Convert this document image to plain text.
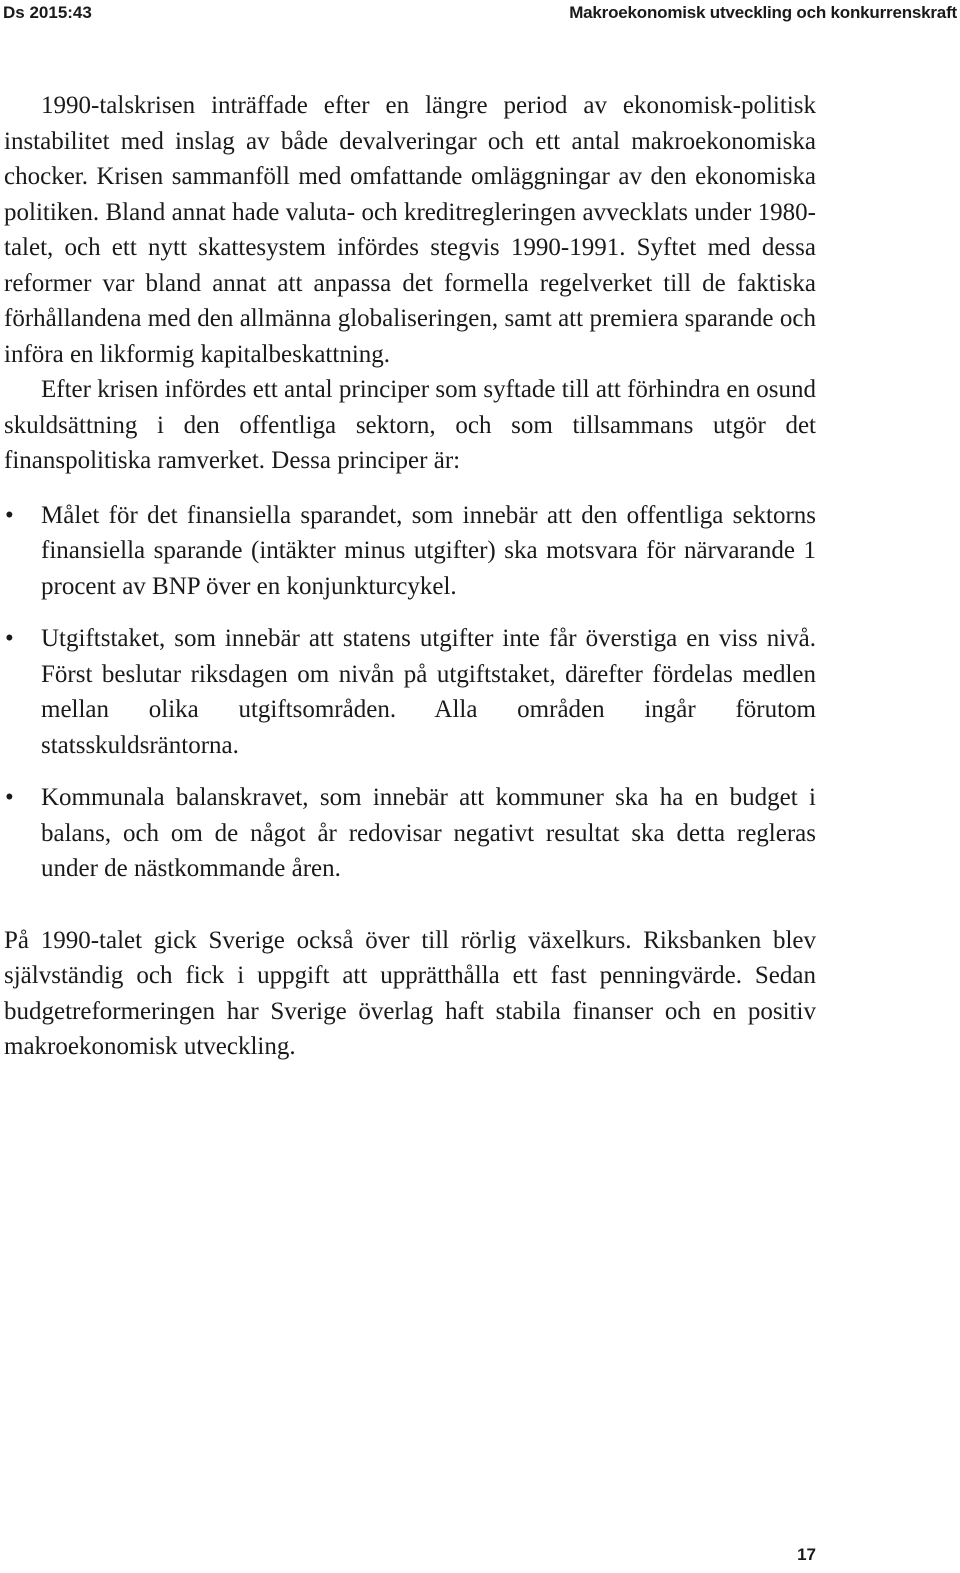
Ds 2015:43	Makroekonomisk utveckling och konkurrenskraft

1990-talskrisen inträffade efter en längre period av ekonomisk-politisk instabilitet med inslag av både devalveringar och ett antal makroekonomiska chocker. Krisen sammanföll med omfattande omläggningar av den ekonomiska politiken. Bland annat hade valuta- och kreditregleringen avvecklats under 1980-talet, och ett nytt skattesystem infördes stegvis 1990-1991. Syftet med dessa reformer var bland annat att anpassa det formella regelverket till de faktiska förhållandena med den allmänna globaliseringen, samt att premiera sparande och införa en likformig kapitalbeskattning.

Efter krisen infördes ett antal principer som syftade till att förhindra en osund skuldsättning i den offentliga sektorn, och som tillsammans utgör det finanspolitiska ramverket. Dessa principer är:

• Målet för det finansiella sparandet, som innebär att den offentliga sektorns finansiella sparande (intäkter minus utgifter) ska motsvara för närvarande 1 procent av BNP över en konjunkturcykel.
• Utgiftstaket, som innebär att statens utgifter inte får överstiga en viss nivå. Först beslutar riksdagen om nivån på utgiftstaket, därefter fördelas medlen mellan olika utgiftsområden. Alla områden ingår förutom statsskuldsräntorna.
• Kommunala balanskravet, som innebär att kommuner ska ha en budget i balans, och om de något år redovisar negativt resultat ska detta regleras under de nästkommande åren.

På 1990-talet gick Sverige också över till rörlig växelkurs. Riksbanken blev självständig och fick i uppgift att upprätthålla ett fast penningvärde. Sedan budgetreformeringen har Sverige överlag haft stabila finanser och en positiv makroekonomisk utveckling.

17
